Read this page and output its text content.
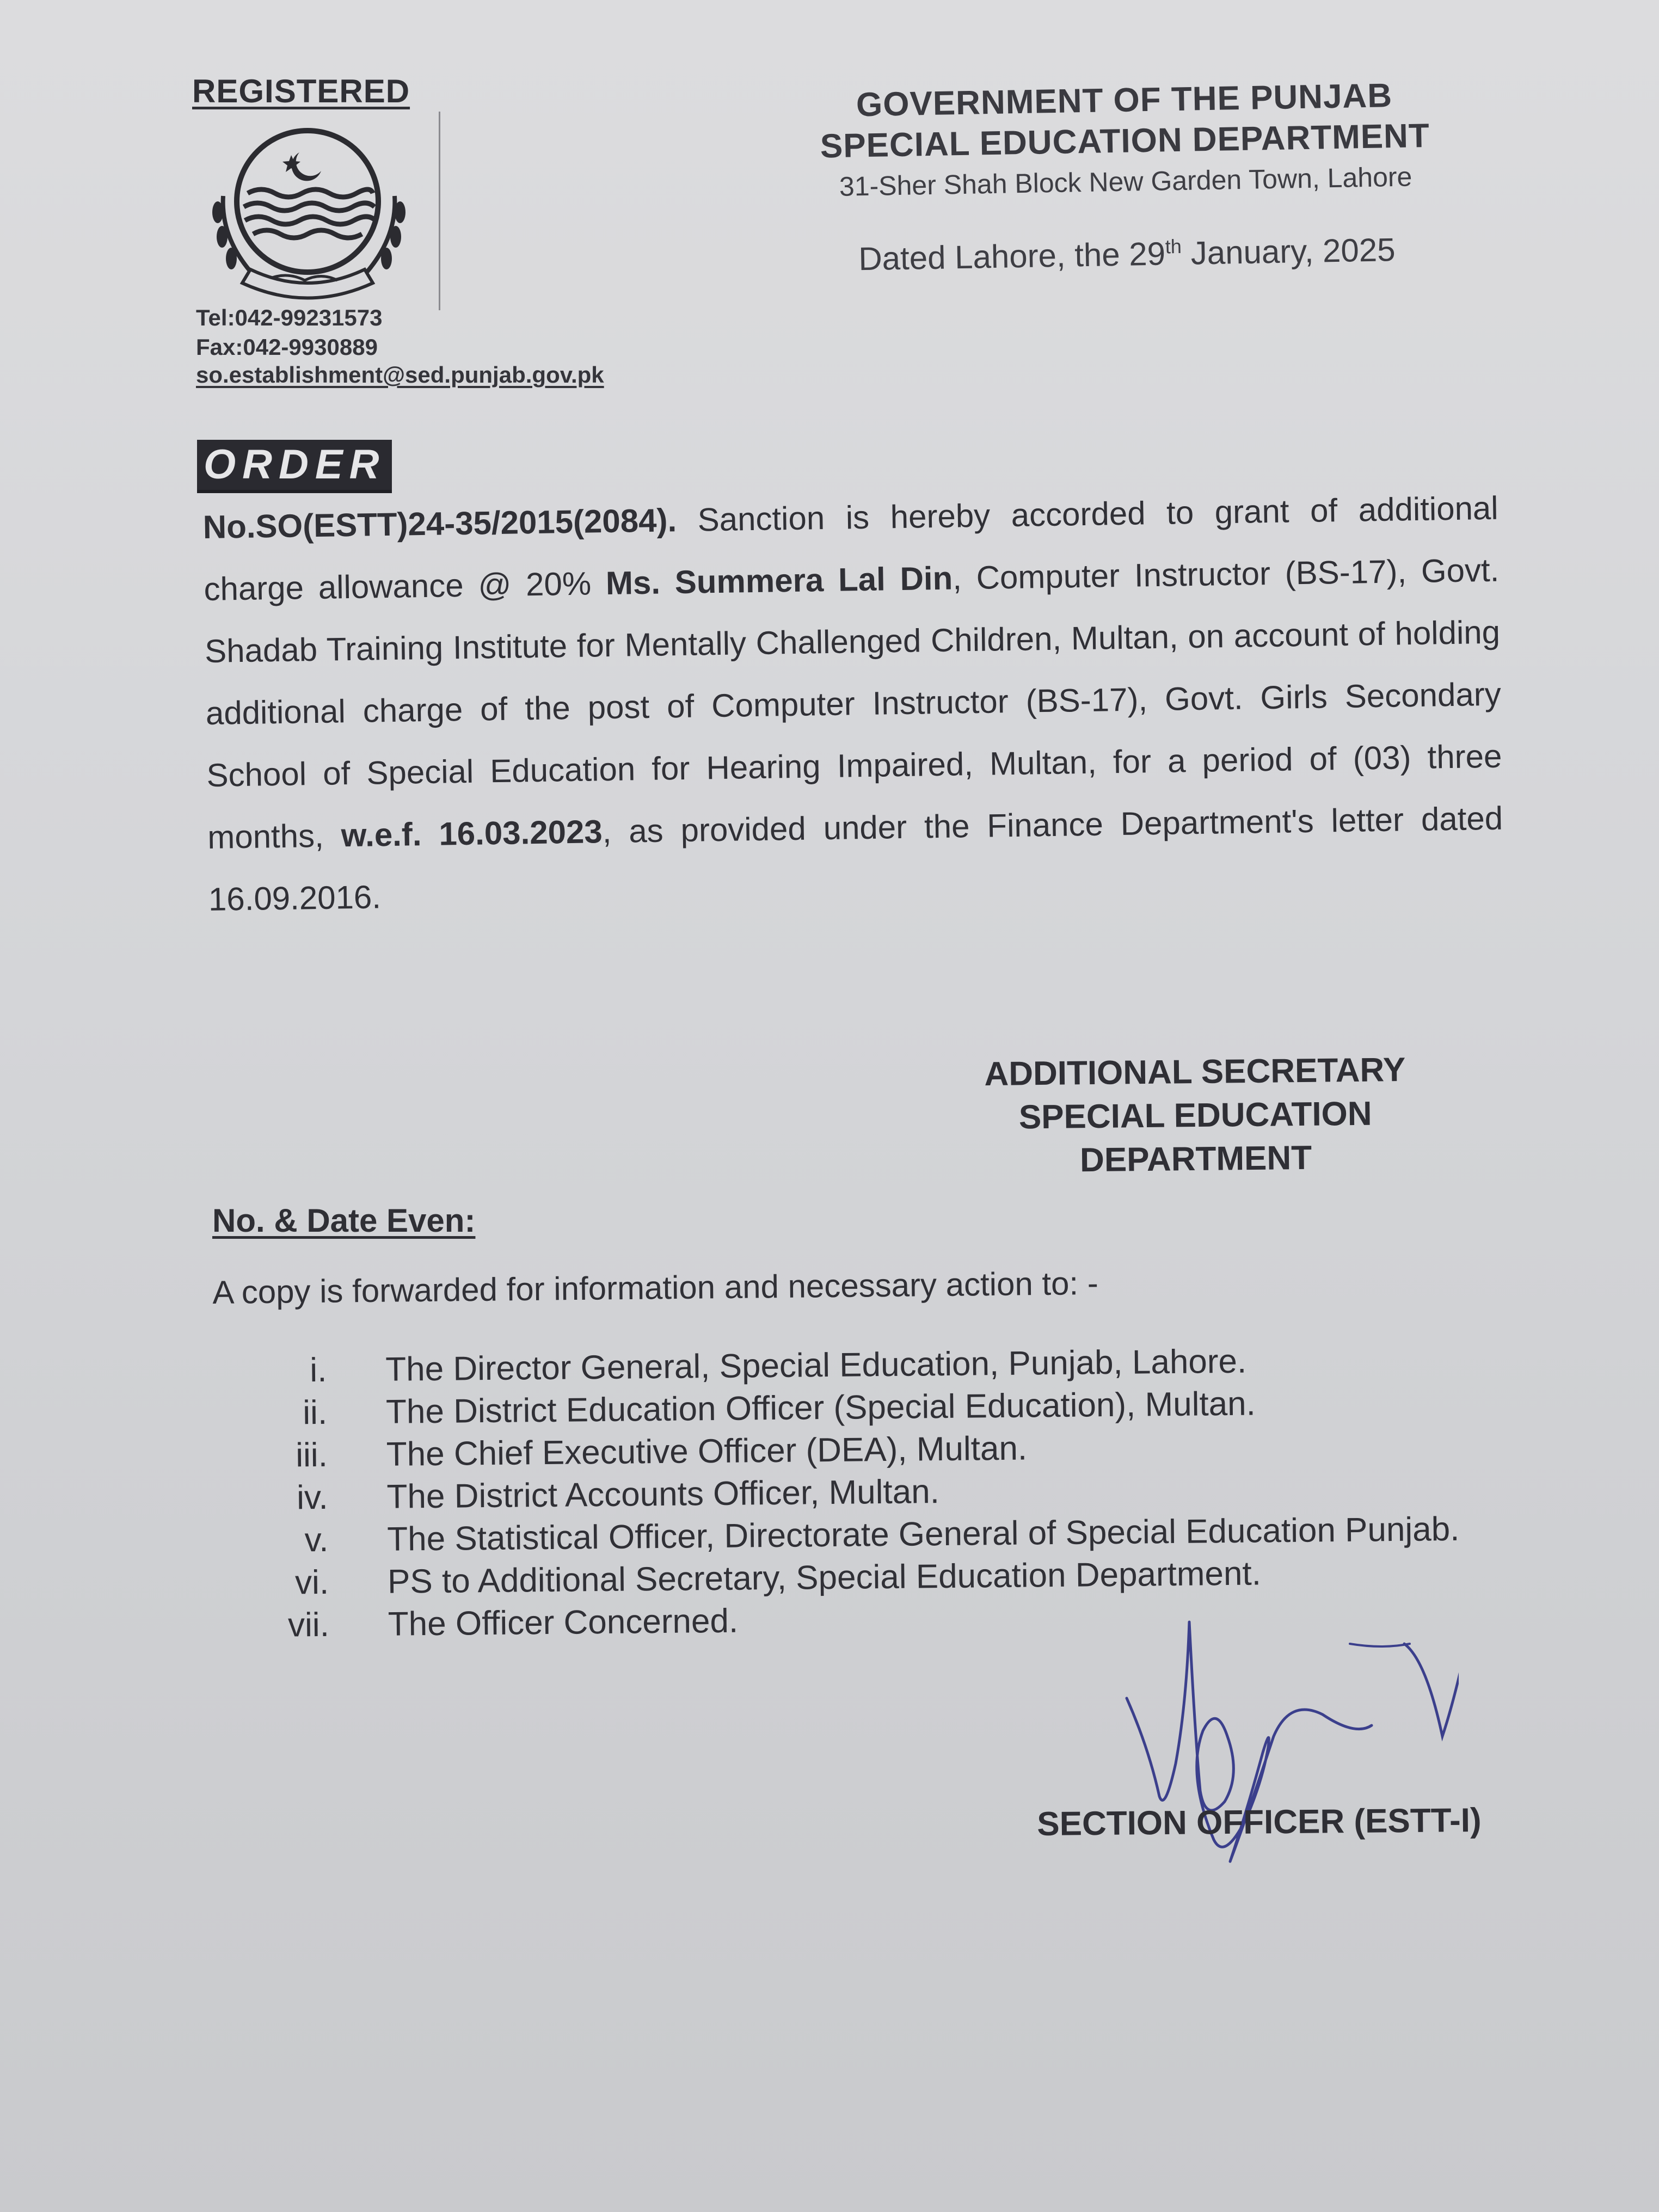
REGISTERED
Tel:042-99231573
Fax:042-9930889
so.establishment@sed.punjab.gov.pk
GOVERNMENT OF THE PUNJAB
SPECIAL EDUCATION DEPARTMENT
31-Sher Shah Block New Garden Town, Lahore
Dated Lahore, the 29th January, 2025
ORDER
No.SO(ESTT)24-35/2015(2084). Sanction is hereby accorded to grant of additional charge allowance @ 20% Ms. Summera Lal Din, Computer Instructor (BS-17), Govt. Shadab Training Institute for Mentally Challenged Children, Multan, on account of holding additional charge of the post of Computer Instructor (BS-17), Govt. Girls Secondary School of Special Education for Hearing Impaired, Multan, for a period of (03) three months, w.e.f. 16.03.2023, as provided under the Finance Department's letter dated 16.09.2016.
ADDITIONAL SECRETARY
SPECIAL EDUCATION
DEPARTMENT
No. & Date Even:
A copy is forwarded for information and necessary action to: -
i.	The Director General, Special Education, Punjab, Lahore.
ii.	The District Education Officer (Special Education), Multan.
iii.	The Chief Executive Officer (DEA), Multan.
iv.	The District Accounts Officer, Multan.
v.	The Statistical Officer, Directorate General of Special Education Punjab.
vi.	PS to Additional Secretary, Special Education Department.
vii.	The Officer Concerned.
SECTION OFFICER (ESTT-I)
